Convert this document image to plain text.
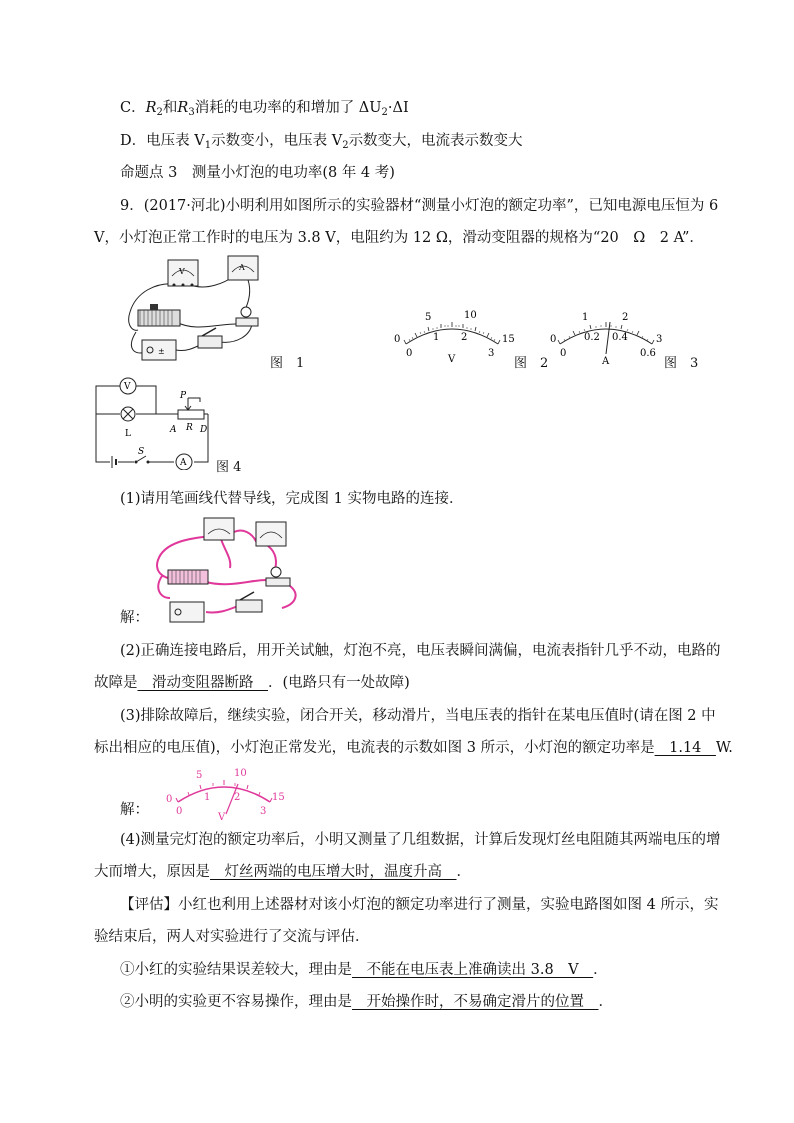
C．$R_2$和$R_3$消耗的电功率的和增加了 $\Delta U_2\cdot\Delta I$
D．电压表 $V_1$示数变小，电压表 $V_2$示数变大，电流表示数变大
命题点 3　测量小灯泡的电功率(8 年 4 考)
9．(2017·河北)小明利用如图所示的实验器材“测量小灯泡的额定功率”，已知电源电压恒为 6
V，小灯泡正常工作时的电压为 3.8 V，电阻约为 12 Ω，滑动变阻器的规格为“20　Ω　2 A”．
V	A
±
图　1
0
5	10
15
0
1 2
3
V	图　2
0
1	2
3
0
0.2 0.4
0.6
A	图　3
S
A
V
L
P
A R D
图 4
(1)请用笔画线代替导线，完成图 1 实物电路的连接．
解：
(2)正确连接电路后，用开关试触，灯泡不亮，电压表瞬间满偏，电流表指针几乎不动，电路的
故障是　滑动变阻器断路　．(电路只有一处故障)
(3)排除故障后，继续实验，闭合开关，移动滑片，当电压表的指针在某电压值时(请在图 2 中
标出相应的电压值)，小灯泡正常发光，电流表的示数如图 3 所示，小灯泡的额定功率是　1.14　W.
0
5	10
15
0
1 2
3
V
解：
(4)测量完灯泡的额定功率后，小明又测量了几组数据，计算后发现灯丝电阻随其两端电压的增
大而增大，原因是　灯丝两端的电压增大时，温度升高　．
【评估】小红也利用上述器材对该小灯泡的额定功率进行了测量，实验电路图如图 4 所示，实
验结束后，两人对实验进行了交流与评估．
①小红的实验结果误差较大，理由是　不能在电压表上准确读出 3.8　V　．
②小明的实验更不容易操作，理由是　开始操作时，不易确定滑片的位置　．
